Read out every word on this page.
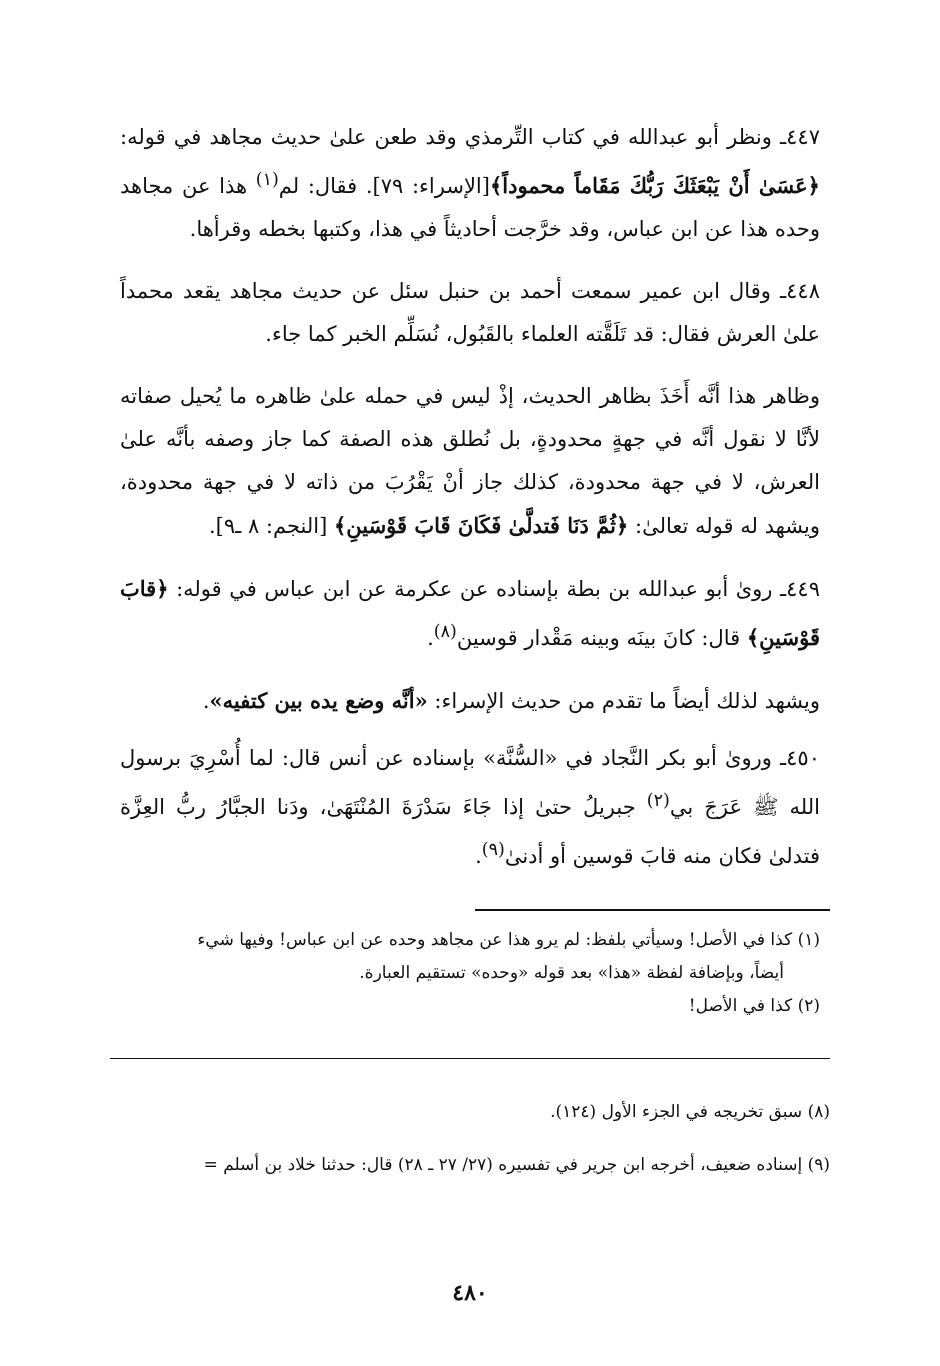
٤٤٧ـ ونظر أبو عبدالله في كتاب التِّرمذي وقد طعن علىٰ حديث مجاهد في قوله: ﴿عَسَىٰ أَنْ يَبْعَثَكَ رَبُّكَ مَقَاماً محموداً﴾[الإسراء: ٧٩]. فقال: لم$^{(١)}$ هذا عن مجاهد وحده هذا عن ابن عباس، وقد خرَّجت أحاديثاً في هذا، وكتبها بخطه وقرأها.

٤٤٨ـ وقال ابن عمير سمعت أحمد بن حنبل سئل عن حديث مجاهد يقعد محمداً علىٰ العرش فقال: قد تَلَقَّته العلماء بالقَبُول، نُسَلِّم الخبر كما جاء.

وظاهر هذا أنَّه أَخَذَ بظاهر الحديث، إذْ ليس في حمله علىٰ ظاهره ما يُحيل صفاته لأنَّا لا نقول أنَّه في جهةٍ محدودةٍ، بل نُطلق هذه الصفة كما جاز وصفه بأنَّه علىٰ العرش، لا في جهة محدودة، كذلك جاز أنْ يَقْرُبَ من ذاته لا في جهة محدودة، ويشهد له قوله تعالىٰ: ﴿ثُمَّ دَنَا فَتدلَّىٰ فَكَانَ قَابَ قَوْسَينِ﴾ [النجم: ٨ ـ٩].

٤٤٩ـ روىٰ أبو عبدالله بن بطة بإسناده عن عكرمة عن ابن عباس في قوله: ﴿قابَ قَوْسَينِ﴾ قال: كانَ بينَه وبينه مَقْدار قوسين$^{(٨)}$.

ويشهد لذلك أيضاً ما تقدم من حديث الإسراء: «أنَّه وضع يده بين كتفيه».

٤٥٠ـ وروىٰ أبو بكر النَّجاد في «السُّنَّة» بإسناده عن أنس قال: لما أُسْرِيَ برسول الله ﷺ عَرَجَ بي$^{(٢)}$ جبريلُ حتىٰ إذا جَاءَ سَدْرَةَ المُنْتَهَىٰ، ودَنا الجبَّارُ ربُّ العِزَّة فتدلىٰ فكان منه قابَ قوسين أو أدنىٰ$^{(٩)}$.

(١) كذا في الأصل! وسيأتي بلفظ: لم يرو هذا عن مجاهد وحده عن ابن عباس! وفيها شيء

أيضاً، وبإضافة لفظة «هذا» بعد قوله «وحده» تستقيم العبارة.

(٢) كذا في الأصل!

(٨) سبق تخريجه في الجزء الأول (١٢٤).

(٩) إسناده ضعيف، أخرجه ابن جرير في تفسيره (٢٧/ ٢٧ ـ ٢٨) قال: حدثنا خلاد بن أسلم =

٤٨٠
